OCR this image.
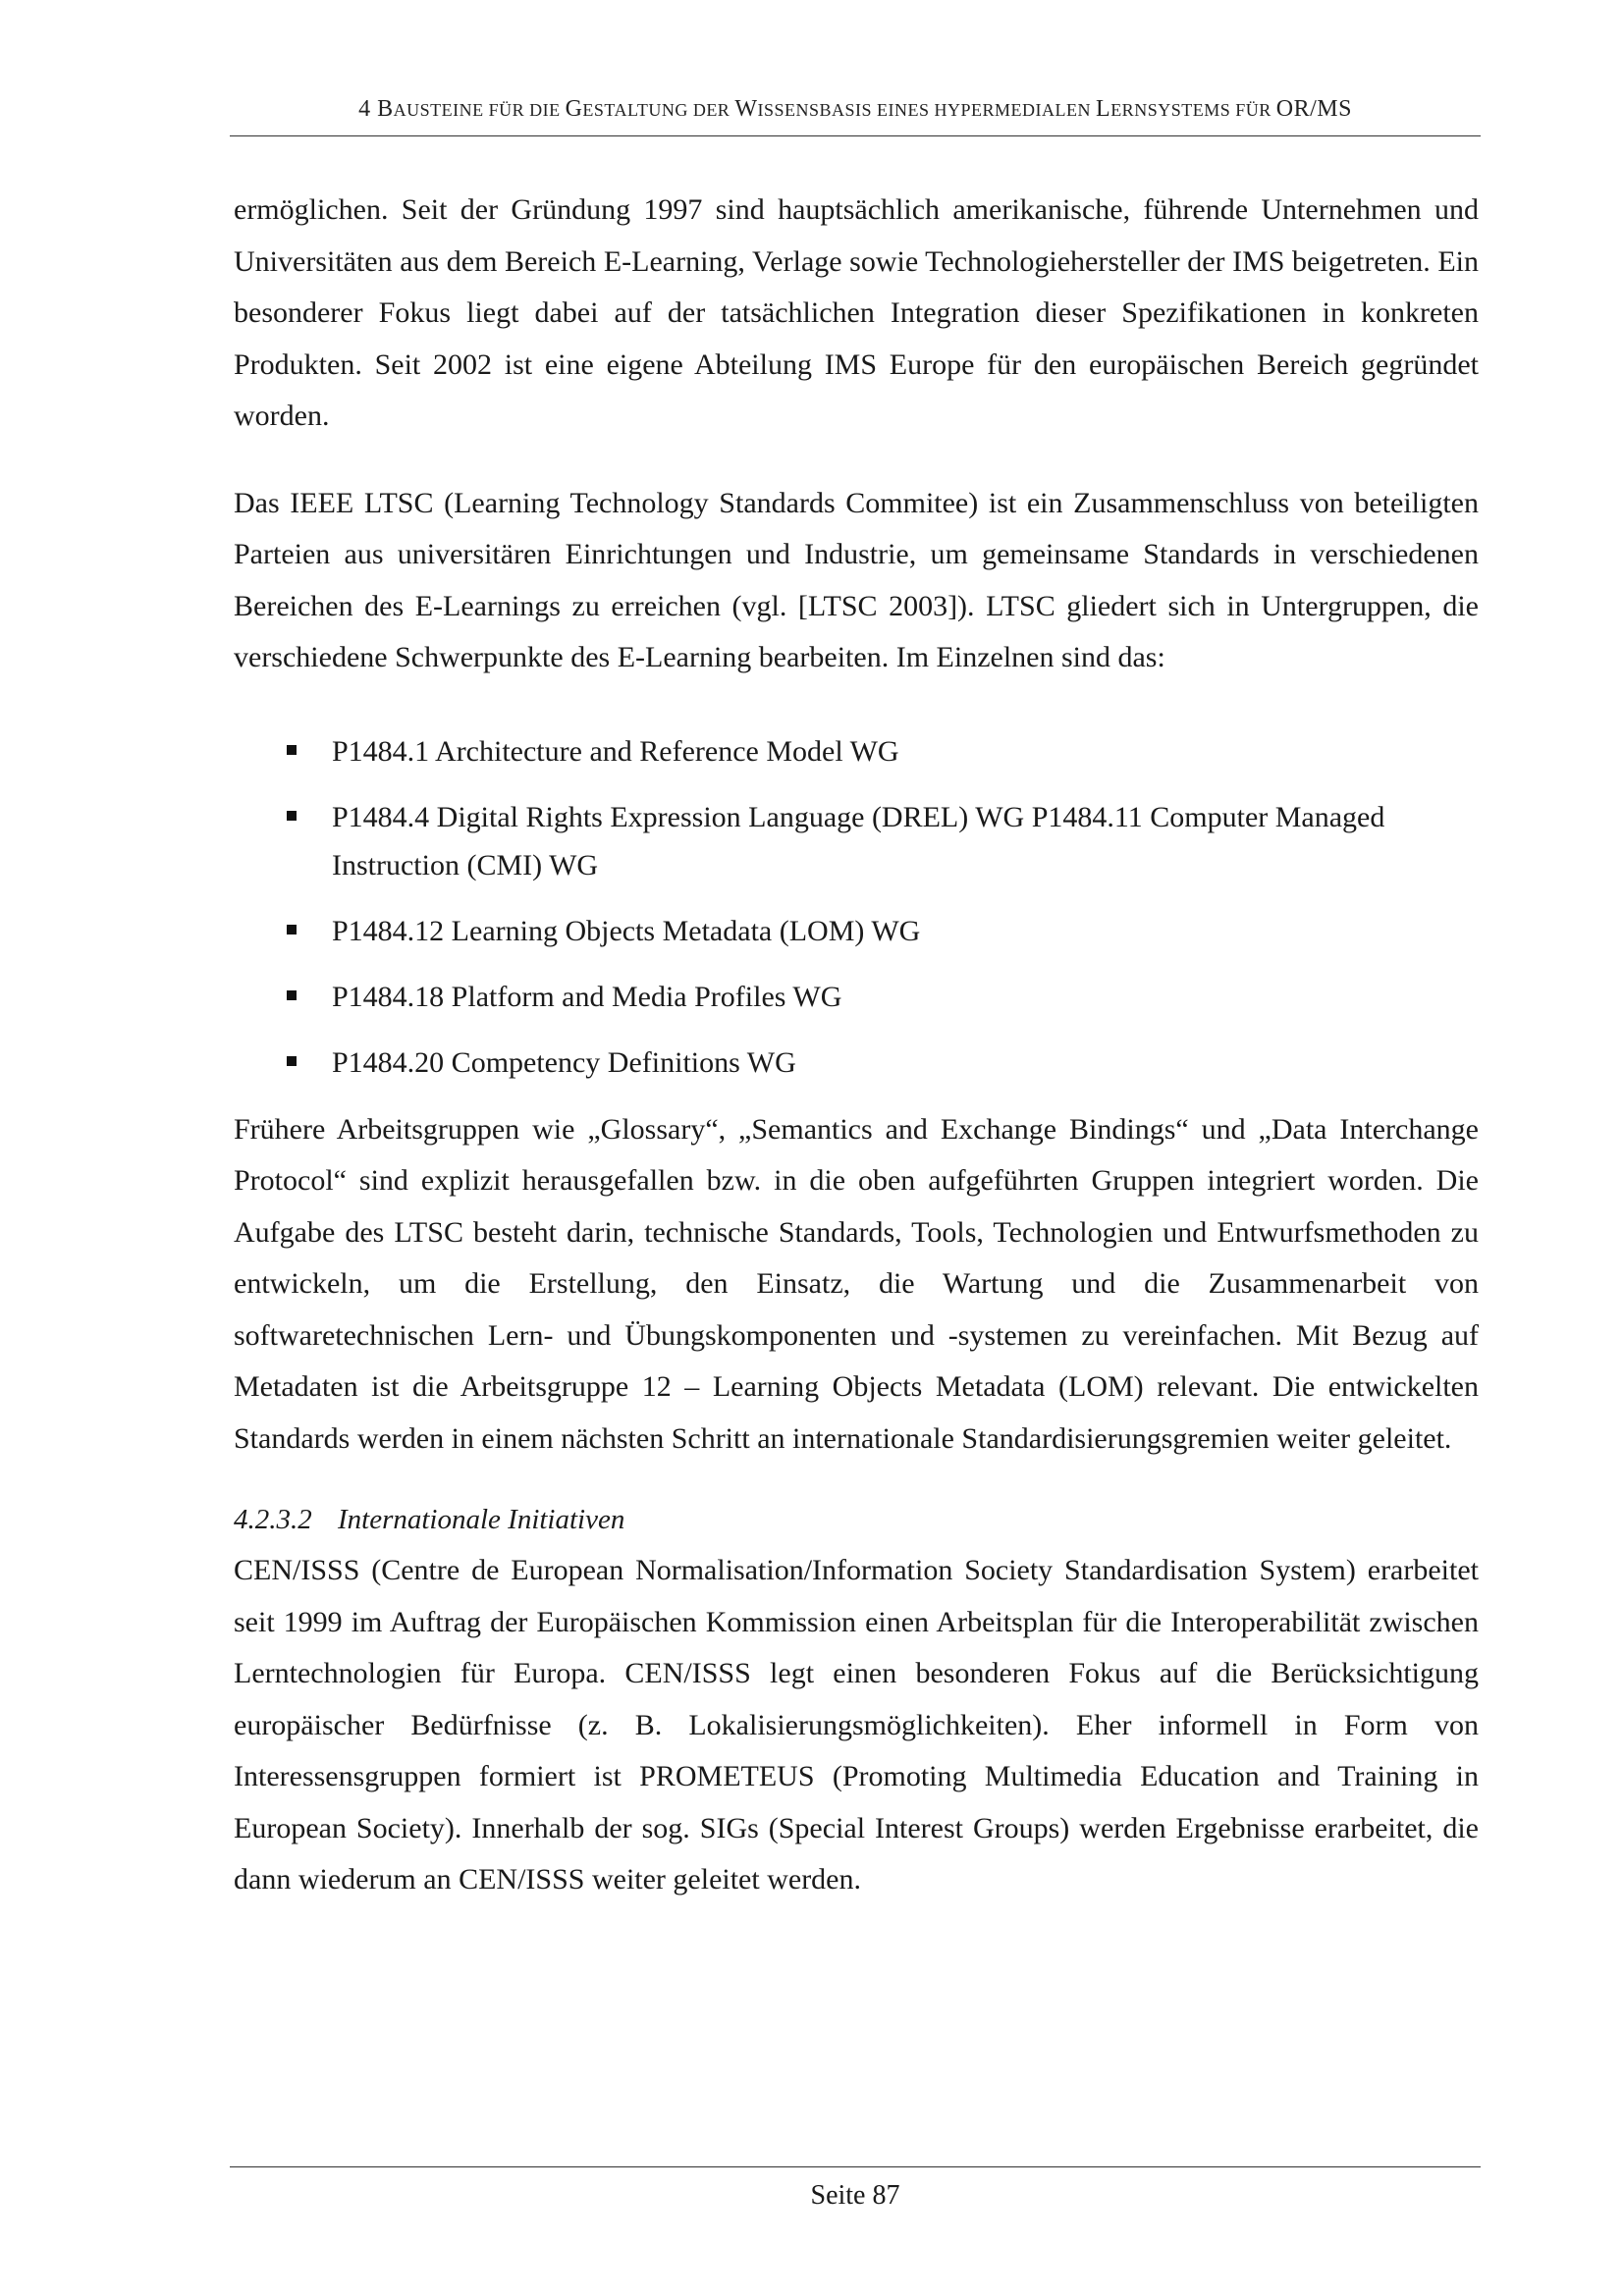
4 BAUSTEINE FÜR DIE GESTALTUNG DER WISSENSBASIS EINES HYPERMEDIALEN LERNSYSTEMS FÜR OR/MS

ermöglichen. Seit der Gründung 1997 sind hauptsächlich amerikanische, führende Unternehmen und Universitäten aus dem Bereich E-Learning, Verlage sowie Technologiehersteller der IMS beigetreten. Ein besonderer Fokus liegt dabei auf der tatsächlichen Integration dieser Spezifikationen in konkreten Produkten. Seit 2002 ist eine eigene Abteilung IMS Europe für den europäischen Bereich gegründet worden.

Das IEEE LTSC (Learning Technology Standards Commitee) ist ein Zusammenschluss von beteiligten Parteien aus universitären Einrichtungen und Industrie, um gemeinsame Standards in verschiedenen Bereichen des E-Learnings zu erreichen (vgl. [LTSC 2003]). LTSC gliedert sich in Untergruppen, die verschiedene Schwerpunkte des E-Learning bearbeiten. Im Einzelnen sind das:

P1484.1 Architecture and Reference Model WG
P1484.4 Digital Rights Expression Language (DREL) WG P1484.11 Computer Managed Instruction (CMI) WG
P1484.12 Learning Objects Metadata (LOM) WG
P1484.18 Platform and Media Profiles WG
P1484.20 Competency Definitions WG

Frühere Arbeitsgruppen wie „Glossary“, „Semantics and Exchange Bindings“ und „Data Interchange Protocol“ sind explizit herausgefallen bzw. in die oben aufgeführten Gruppen integriert worden. Die Aufgabe des LTSC besteht darin, technische Standards, Tools, Technologien und Entwurfsmethoden zu entwickeln, um die Erstellung, den Einsatz, die Wartung und die Zusammenarbeit von softwaretechnischen Lern- und Übungskomponenten und -systemen zu vereinfachen. Mit Bezug auf Metadaten ist die Arbeitsgruppe 12 – Learning Objects Metadata (LOM) relevant. Die entwickelten Standards werden in einem nächsten Schritt an internationale Standardisierungsgremien weiter geleitet.

4.2.3.2 Internationale Initiativen

CEN/ISSS (Centre de European Normalisation/Information Society Standardisation System) erarbeitet seit 1999 im Auftrag der Europäischen Kommission einen Arbeitsplan für die Interoperabilität zwischen Lerntechnologien für Europa. CEN/ISSS legt einen besonderen Fokus auf die Berücksichtigung europäischer Bedürfnisse (z. B. Lokalisierungsmöglichkeiten). Eher informell in Form von Interessensgruppen formiert ist PROMETEUS (Promoting Multimedia Education and Training in European Society). Innerhalb der sog. SIGs (Special Interest Groups) werden Ergebnisse erarbeitet, die dann wiederum an CEN/ISSS weiter geleitet werden.

Seite 87
